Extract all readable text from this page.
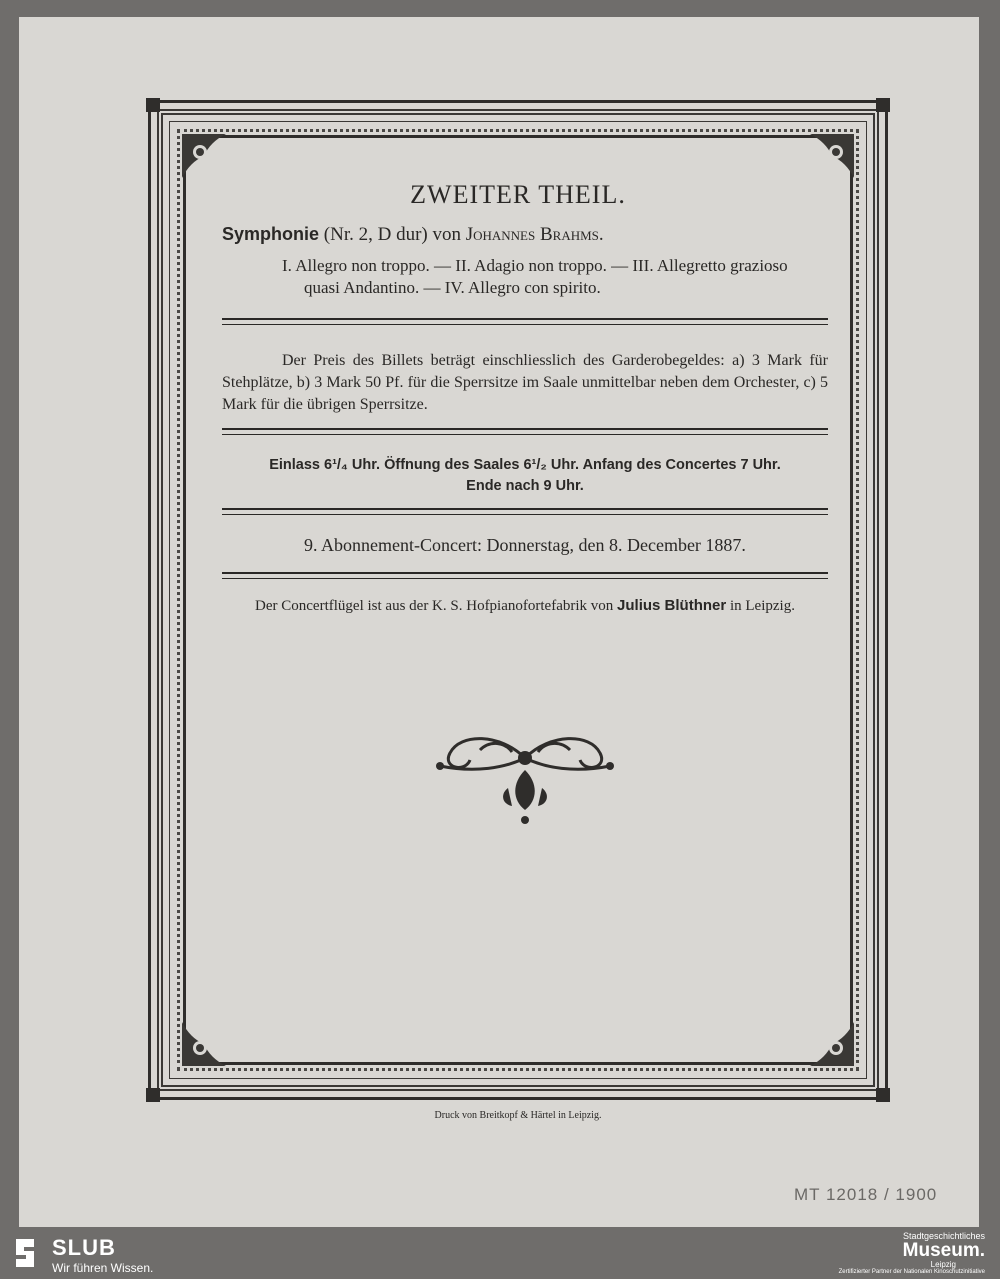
ZWEITER THEIL.
Symphonie (Nr. 2, D dur) von Johannes Brahms.
I. Allegro non troppo. — II. Adagio non troppo. — III. Allegretto grazioso
quasi Andantino. — IV. Allegro con spirito.

Der Preis des Billets beträgt einschliesslich des Garderobegeldes: a) 3 Mark für Stehplätze, b) 3 Mark 50 Pf. für die Sperrsitze im Saale unmittelbar neben dem Orchester, c) 5 Mark für die übrigen Sperrsitze.

Einlass 6¹/₄ Uhr. Öffnung des Saales 6¹/₂ Uhr. Anfang des Concertes 7 Uhr.
Ende nach 9 Uhr.
9. Abonnement-Concert: Donnerstag, den 8. December 1887.
Der Concertflügel ist aus der K. S. Hofpianofortefabrik von Julius Blüthner in Leipzig.
Druck von Breitkopf & Härtel in Leipzig.
MT 12018 / 1900
SLUB
Wir führen Wissen.
Stadtgeschichtliches
Museum.
Leipzig
Zertifizierter Partner der Nationalen Kinoschutzinitiative
